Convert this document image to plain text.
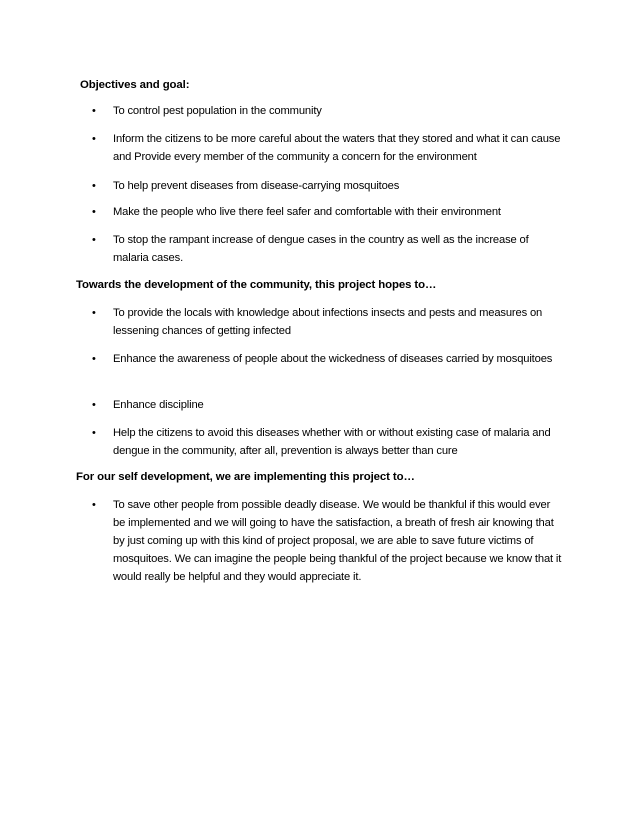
Objectives and goal:
• To control pest population in the community
• Inform the citizens to be more careful about the waters that they stored and what it can cause and Provide every member of the community a concern for the environment
• To help prevent diseases from disease-carrying mosquitoes
• Make the people who live there feel safer and comfortable with their environment
• To stop the rampant increase of dengue cases in the country as well as the increase of malaria cases.
Towards the development of the community, this project hopes to…
• To provide the locals with knowledge about infections insects and pests and measures on lessening chances of getting infected
• Enhance the awareness of people about the wickedness of diseases carried by mosquitoes
• Enhance discipline
• Help the citizens to avoid this diseases whether with or without existing case of malaria and dengue in the community, after all, prevention is always better than cure
For our self development, we are implementing this project to…
• To save other people from possible deadly disease. We would be thankful if this would ever be implemented and we will going to have the satisfaction, a breath of fresh air knowing that by just coming up with this kind of project proposal, we are able to save future victims of mosquitoes. We can imagine the people being thankful of the project because we know that it would really be helpful and they would appreciate it.
